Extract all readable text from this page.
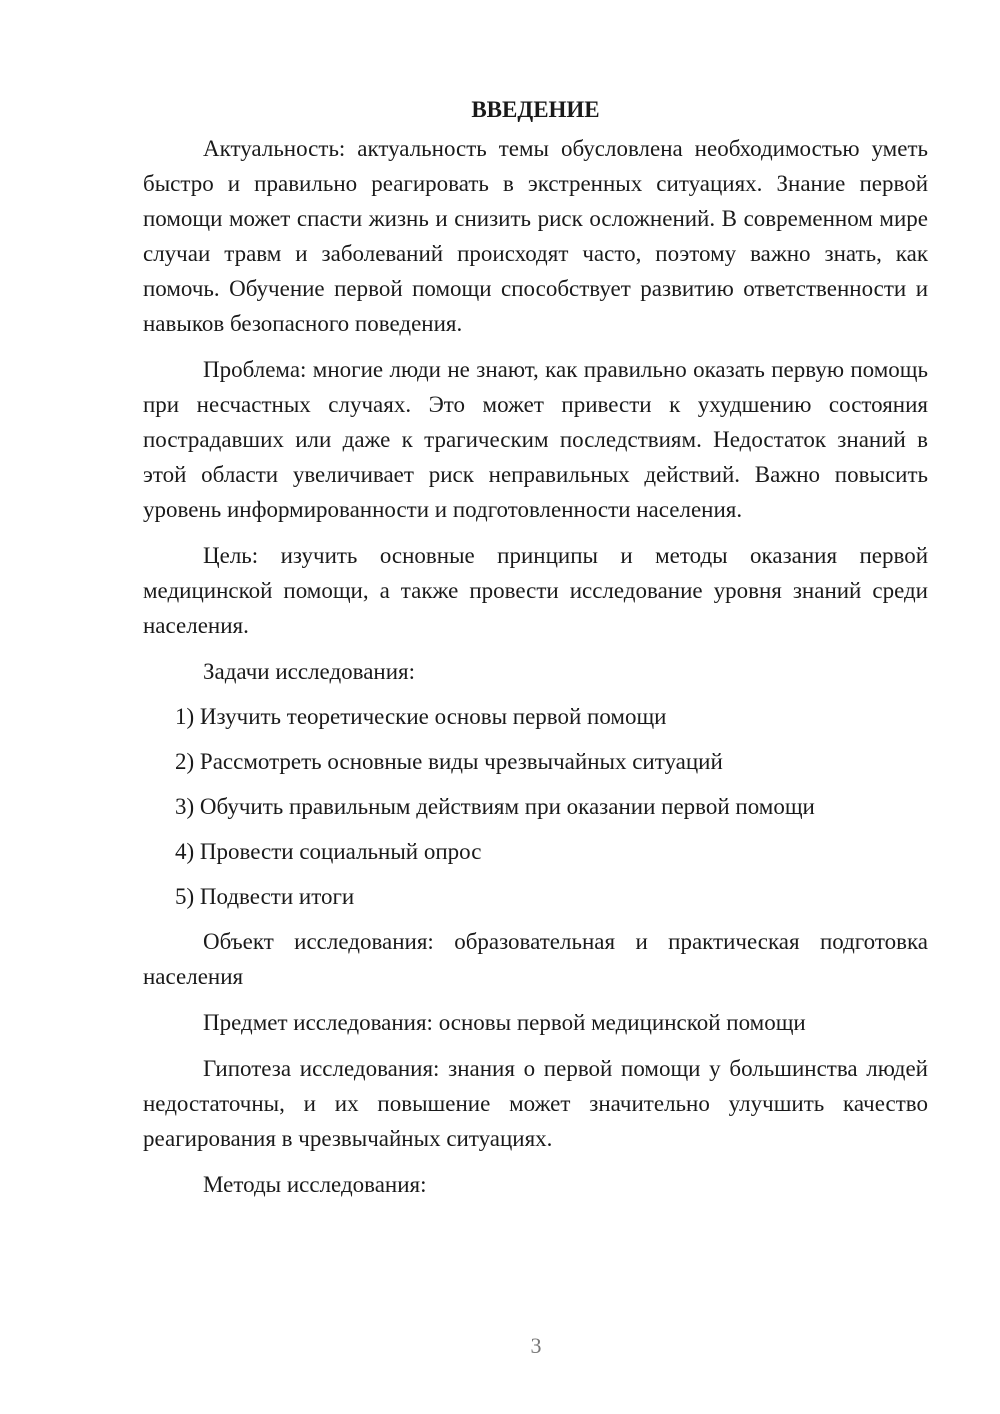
ВВЕДЕНИЕ

Актуальность: актуальность темы обусловлена необходимостью уметь быстро и правильно реагировать в экстренных ситуациях. Знание первой помощи может спасти жизнь и снизить риск осложнений. В современном мире случаи травм и заболеваний происходят часто, поэтому важно знать, как помочь. Обучение первой помощи способствует развитию ответственности и навыков безопасного поведения.

Проблема: многие люди не знают, как правильно оказать первую помощь при несчастных случаях. Это может привести к ухудшению состояния пострадавших или даже к трагическим последствиям. Недостаток знаний в этой области увеличивает риск неправильных действий. Важно повысить уровень информированности и подготовленности населения.

Цель: изучить основные принципы и методы оказания первой медицинской помощи, а также провести исследование уровня знаний среди населения.

Задачи исследования:

1) Изучить теоретические основы первой помощи
2) Рассмотреть основные виды чрезвычайных ситуаций
3) Обучить правильным действиям при оказании первой помощи
4) Провести социальный опрос
5) Подвести итоги

Объект исследования: образовательная и практическая подготовка населения

Предмет исследования: основы первой медицинской помощи

Гипотеза исследования: знания о первой помощи у большинства людей недостаточны, и их повышение может значительно улучшить качество реагирования в чрезвычайных ситуациях.

Методы исследования:

3
